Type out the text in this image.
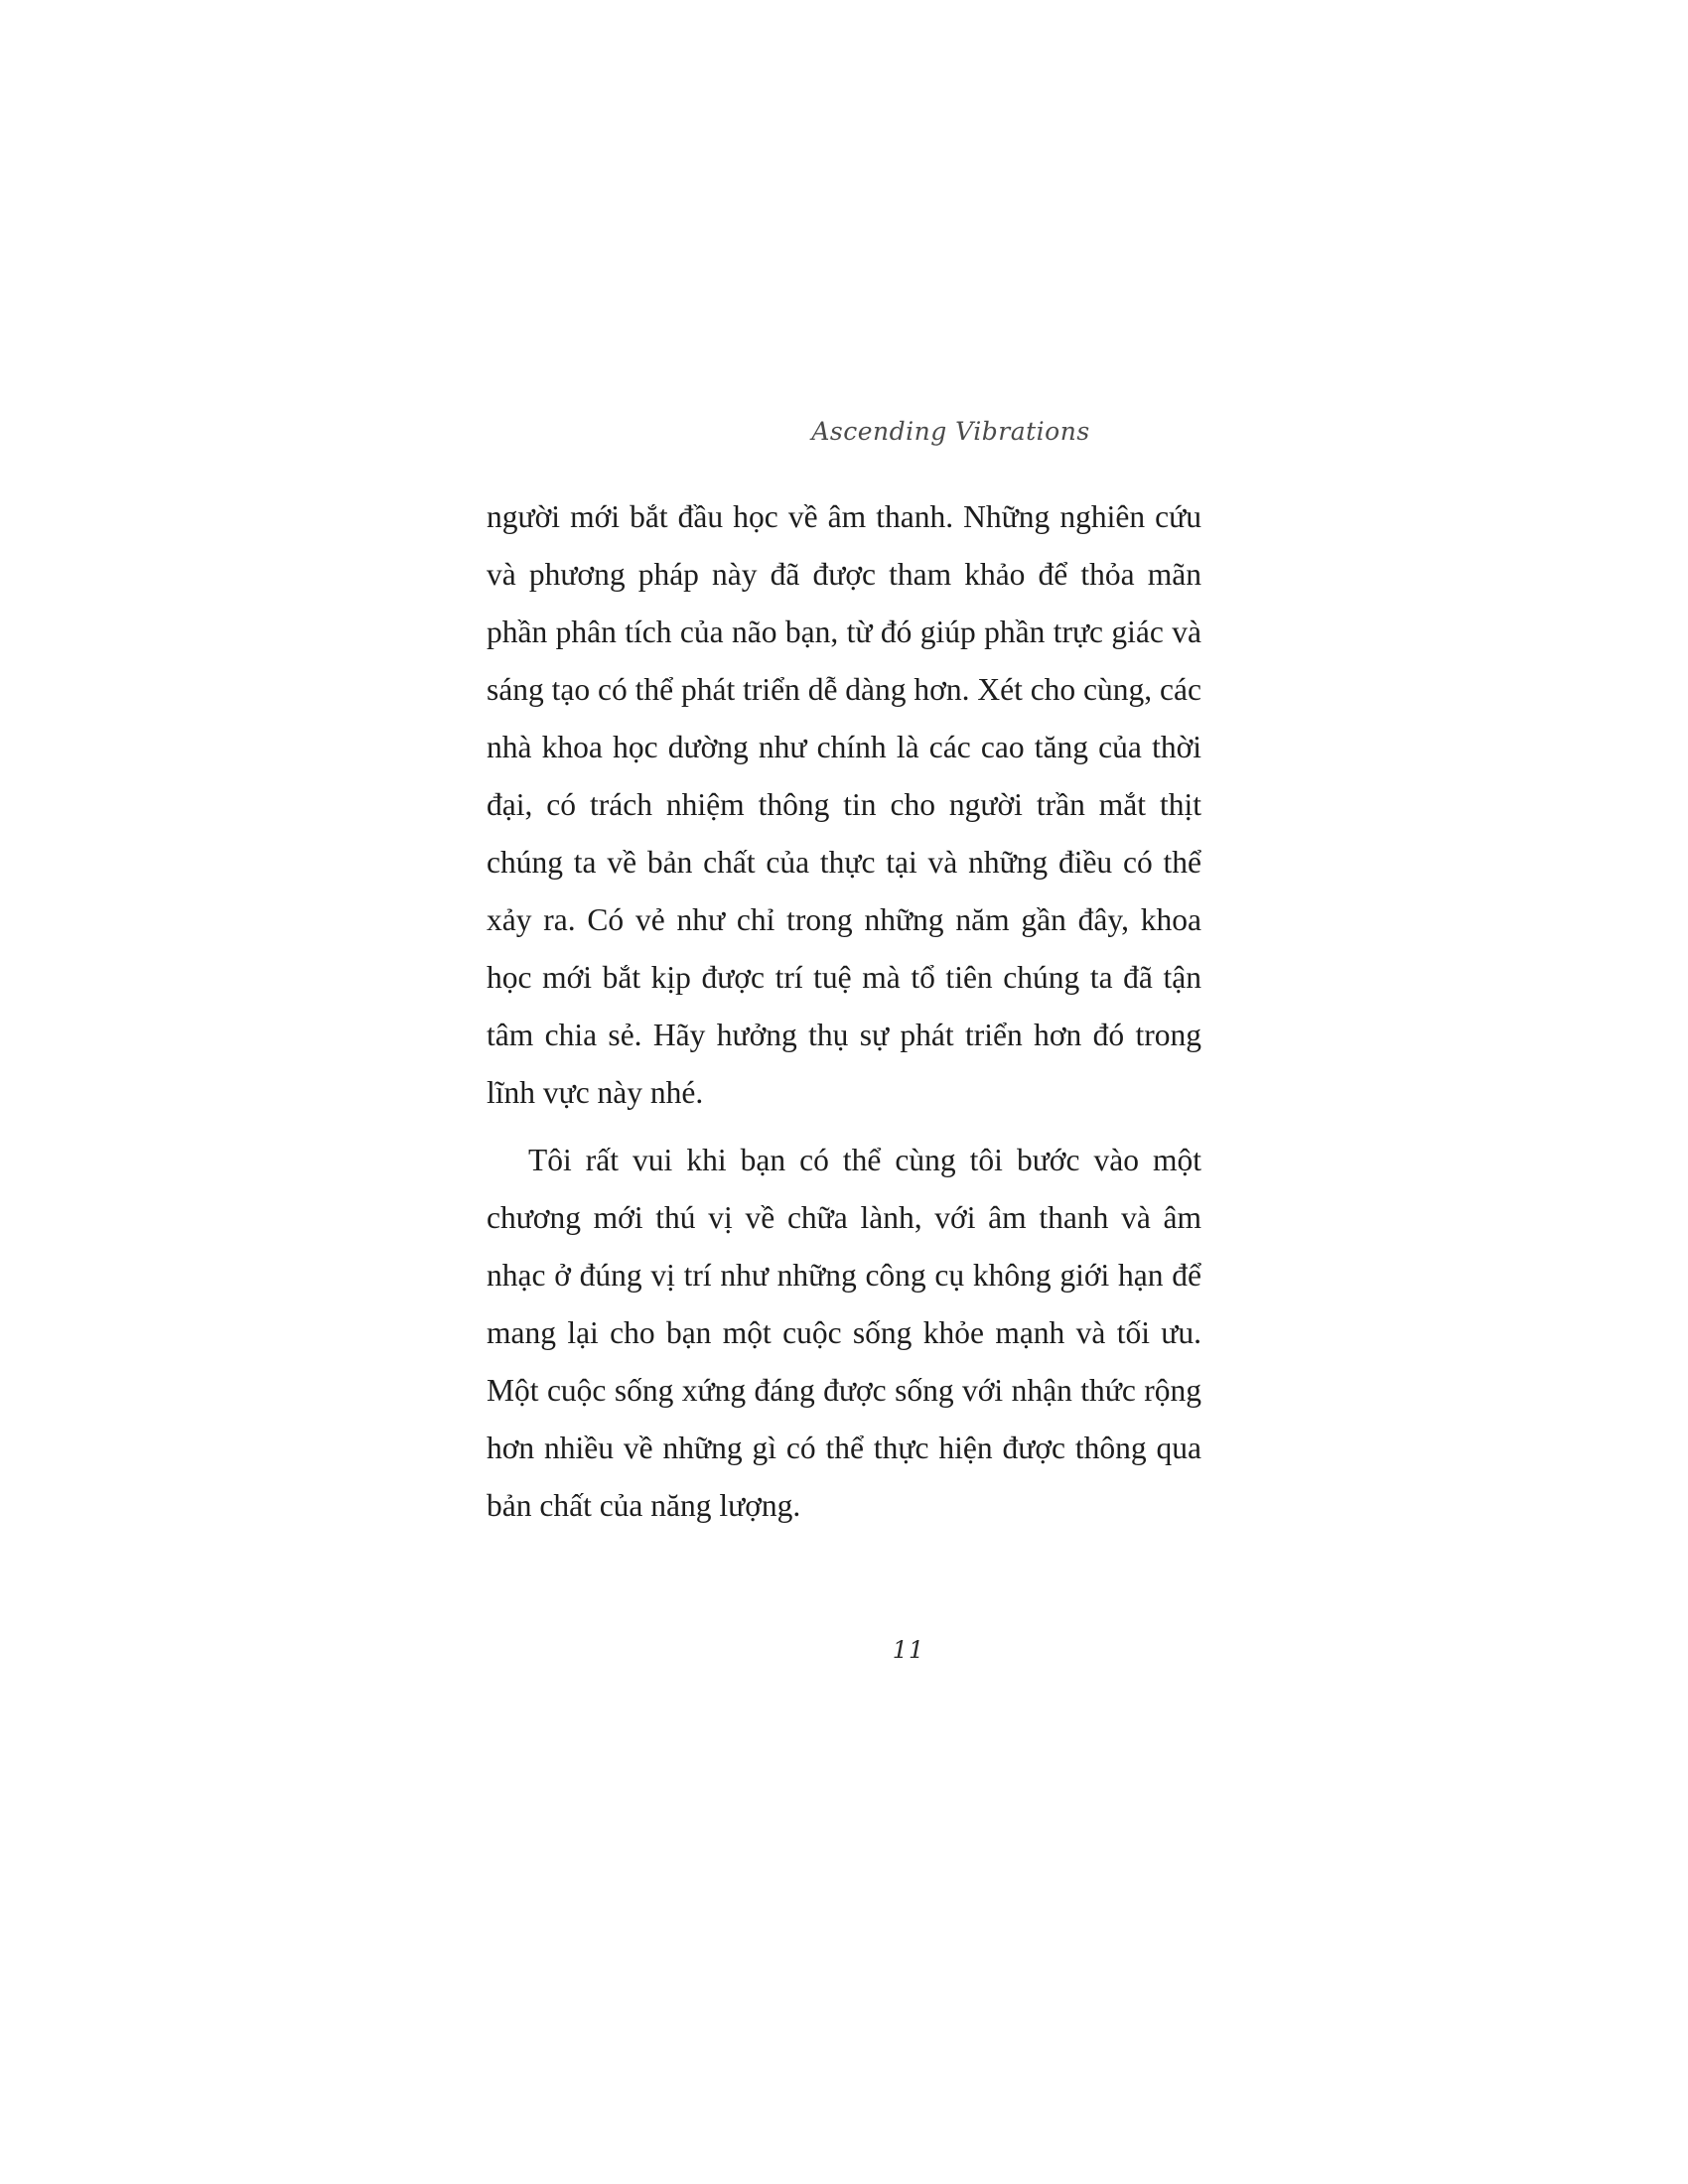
Ascending Vibrations

người mới bắt đầu học về âm thanh. Những nghiên cứu và phương pháp này đã được tham khảo để thỏa mãn phần phân tích của não bạn, từ đó giúp phần trực giác và sáng tạo có thể phát triển dễ dàng hơn. Xét cho cùng, các nhà khoa học dường như chính là các cao tăng của thời đại, có trách nhiệm thông tin cho người trần mắt thịt chúng ta về bản chất của thực tại và những điều có thể xảy ra. Có vẻ như chỉ trong những năm gần đây, khoa học mới bắt kịp được trí tuệ mà tổ tiên chúng ta đã tận tâm chia sẻ. Hãy hưởng thụ sự phát triển hơn đó trong lĩnh vực này nhé.

Tôi rất vui khi bạn có thể cùng tôi bước vào một chương mới thú vị về chữa lành, với âm thanh và âm nhạc ở đúng vị trí như những công cụ không giới hạn để mang lại cho bạn một cuộc sống khỏe mạnh và tối ưu. Một cuộc sống xứng đáng được sống với nhận thức rộng hơn nhiều về những gì có thể thực hiện được thông qua bản chất của năng lượng.

11
